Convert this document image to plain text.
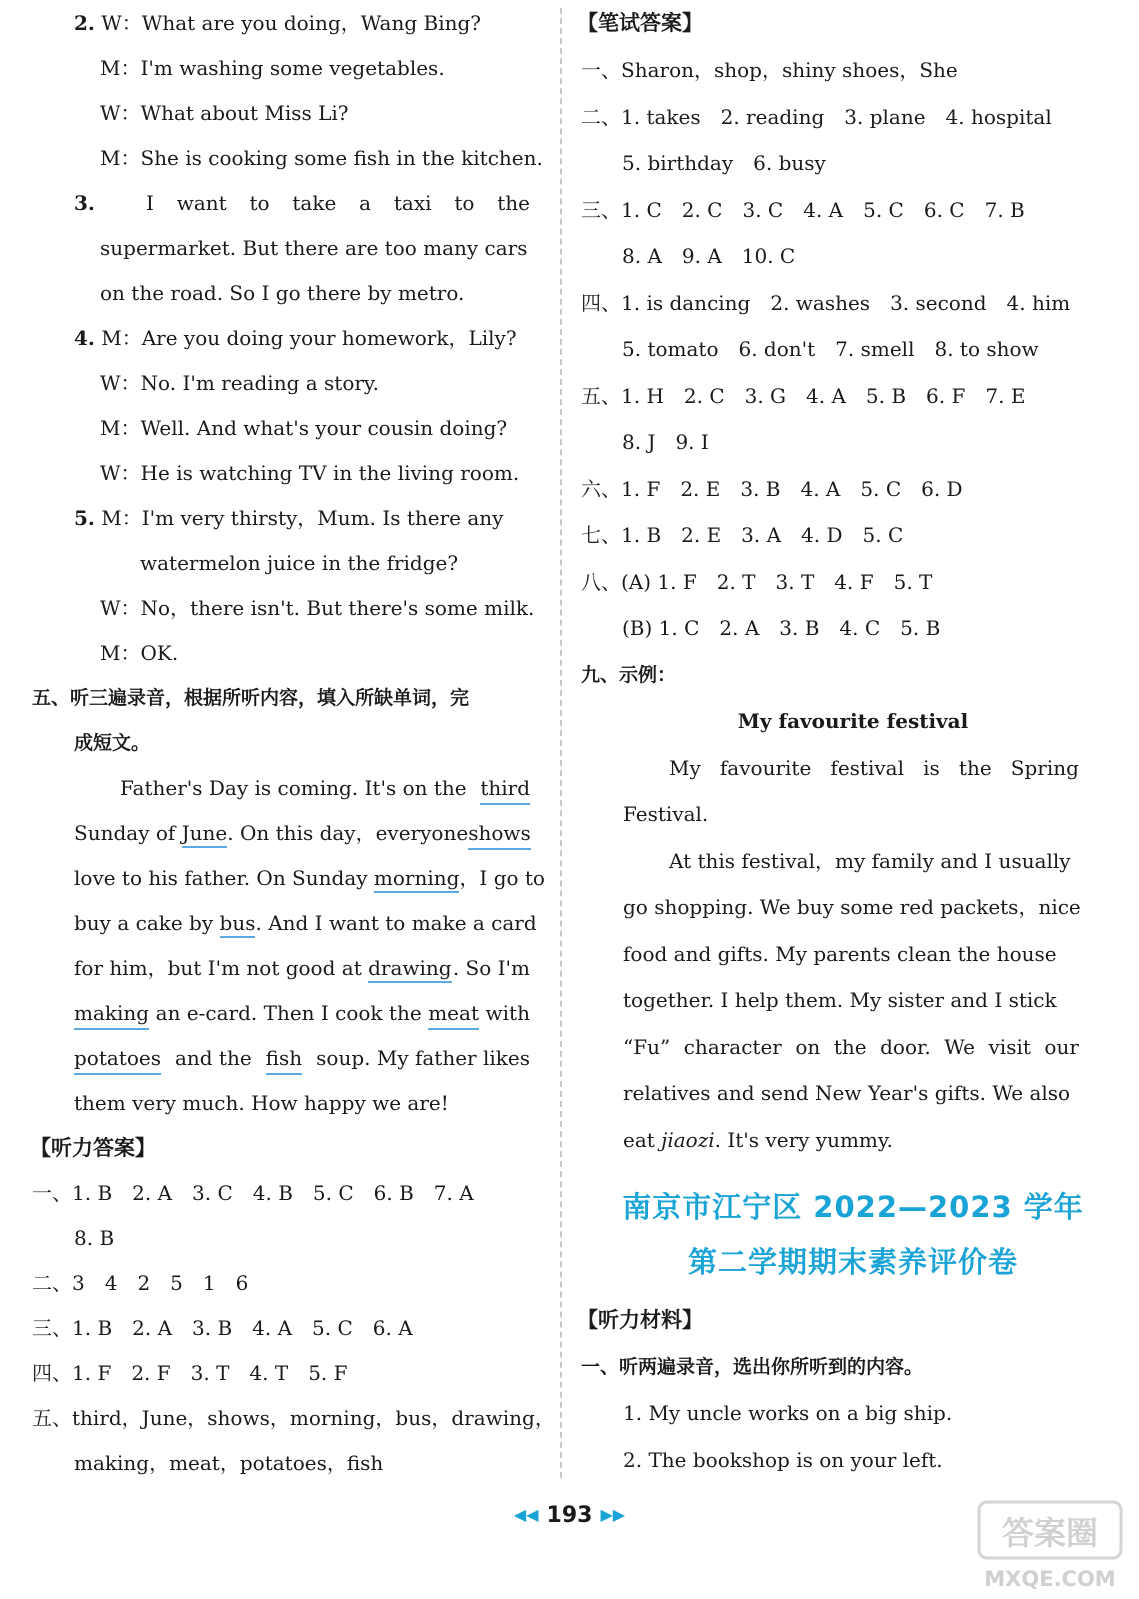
2. W：What are you doing，Wang Bing?
M：I'm washing some vegetables.
W：What about Miss Li?
M：She is cooking some fish in the kitchen.
3.	I want to take a taxi to the
supermarket. But there are too many cars
on the road. So I go there by metro.
4. M：Are you doing your homework，Lily?
W：No. I'm reading a story.
M：Well. And what's your cousin doing?
W：He is watching TV in the living room.
5. M：I'm very thirsty，Mum. Is there any
watermelon juice in the fridge?
W：No，there isn't. But there's some milk.
M：OK.
五、听三遍录音，根据所听内容，填入所缺单词，完
成短文。
Father's Day is coming. It's on the third
Sunday of June. On this day，everyone shows
love to his father. On Sunday morning ，I go to
buy a cake by bus . And I want to make a card
for him，but I'm not good at drawing . So I'm
making an e-card. Then I cook the meat with
potatoes and the fish soup. My father likes
them very much. How happy we are!
【听力答案】
一、1. B　2. A　3. C　4. B　5. C　6. B　7. A
8. B
二、3　4　2　5　1　6
三、1. B　2. A　3. B　4. A　5. C　6. A
四、1. F　2. F　3. T　4. T　5. F
五、third，June，shows，morning，bus，drawing，
making，meat，potatoes，fish
【笔试答案】
一、Sharon，shop，shiny shoes，She
二、1. takes　2. reading　3. plane　4. hospital
5. birthday　6. busy
三、1. C　2. C　3. C　4. A　5. C　6. C　7. B
8. A　9. A　10. C
四、1. is dancing　2. washes　3. second　4. him
5. tomato　6. don't　7. smell　8. to show
五、1. H　2. C　3. G　4. A　5. B　6. F　7. E
8. J　9. I
六、1. F　2. E　3. B　4. A　5. C　6. D
七、1. B　2. E　3. A　4. D　5. C
八、(A) 1. F　2. T　3. T　4. F　5. T
(B) 1. C　2. A　3. B　4. C　5. B
九、示例：
My favourite festival
My favourite festival is the Spring
Festival.
At this festival，my family and I usually
go shopping. We buy some red packets，nice
food and gifts. My parents clean the house
together. I help them. My sister and I stick
“Fu” character on the door. We visit our
relatives and send New Year's gifts. We also
eat jiaozi. It's very yummy.
南京市江宁区 2022—2023 学年
第二学期期末素养评价卷
【听力材料】
一、听两遍录音，选出你所听到的内容。
1. My uncle works on a big ship.
2. The bookshop is on your left.
◀◀ 193 ▶▶	答案圈
MXQE.COM
